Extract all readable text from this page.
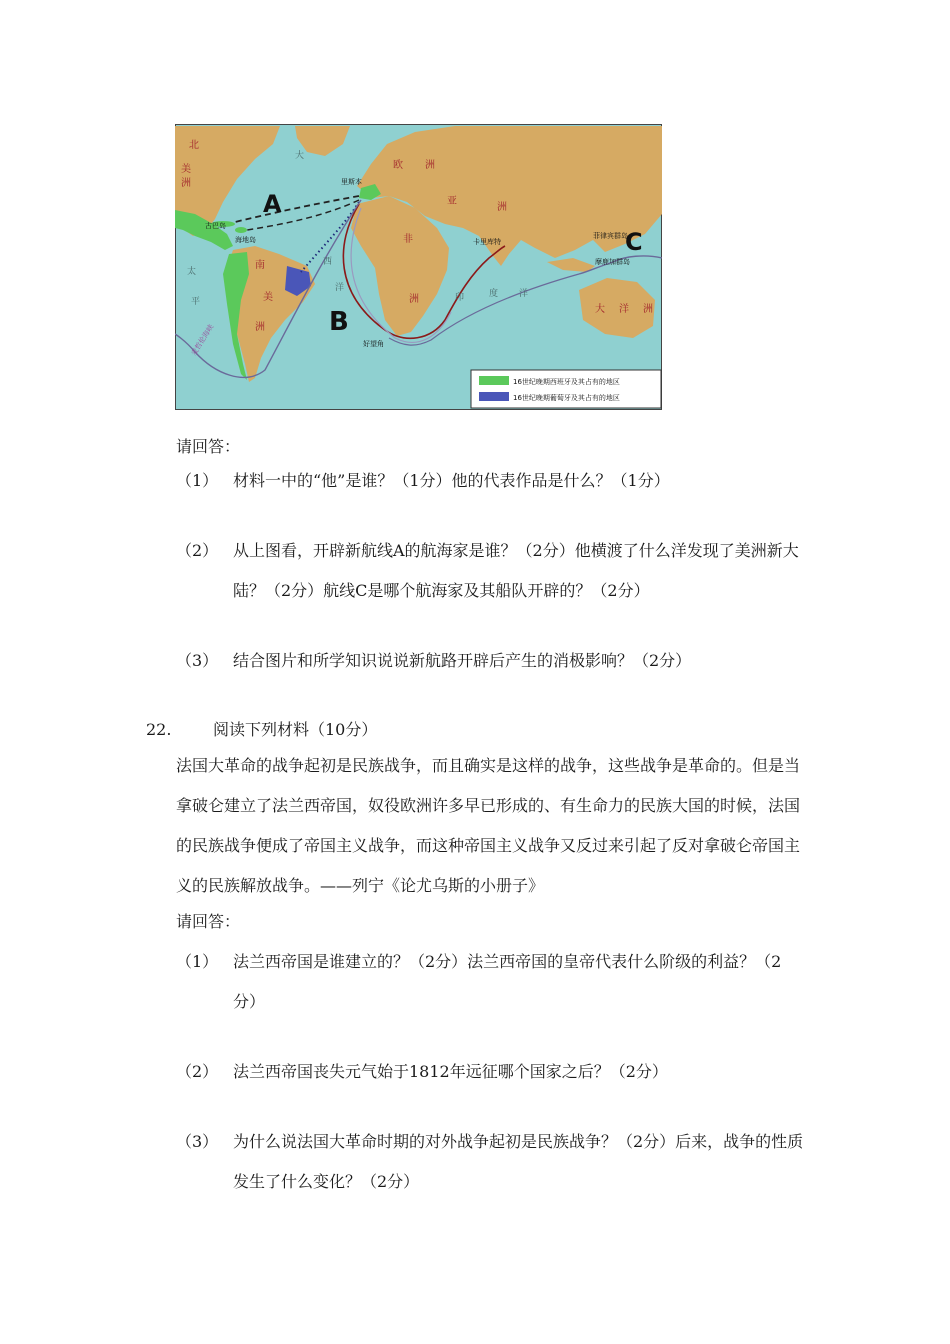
A
B
C
里斯本
古巴岛
海地岛	卡里库特
好望角
菲律宾群岛
摩鹿加群岛
麦哲伦海峡
北
美
洲
南
美
洲
欧 洲
亚
洲
非
洲
大 洋 洲
大
西
洋
印	度 洋
太
平
16世纪晚期西班牙及其占有的地区
16世纪晚期葡萄牙及其占有的地区
请回答：
（1） 材料一中的“他”是谁？（1分）他的代表作品是什么？（1分）
（2） 从上图看，开辟新航线A的航海家是谁？（2分）他横渡了什么洋发现了美洲新大
陆？（2分）航线C是哪个航海家及其船队开辟的？（2分）
（3） 结合图片和所学知识说说新航路开辟后产生的消极影响？（2分）
22.	阅读下列材料（10分）
法国大革命的战争起初是民族战争，而且确实是这样的战争，这些战争是革命的。但是当
拿破仑建立了法兰西帝国，奴役欧洲许多早已形成的、有生命力的民族大国的时候，法国
的民族战争便成了帝国主义战争，而这种帝国主义战争又反过来引起了反对拿破仑帝国主
义的民族解放战争。——列宁《论尤乌斯的小册子》
请回答：
（1） 法兰西帝国是谁建立的？（2分）法兰西帝国的皇帝代表什么阶级的利益？（2
分）
（2） 法兰西帝国丧失元气始于1812年远征哪个国家之后？（2分）
（3） 为什么说法国大革命时期的对外战争起初是民族战争？（2分）后来，战争的性质
发生了什么变化？（2分）
